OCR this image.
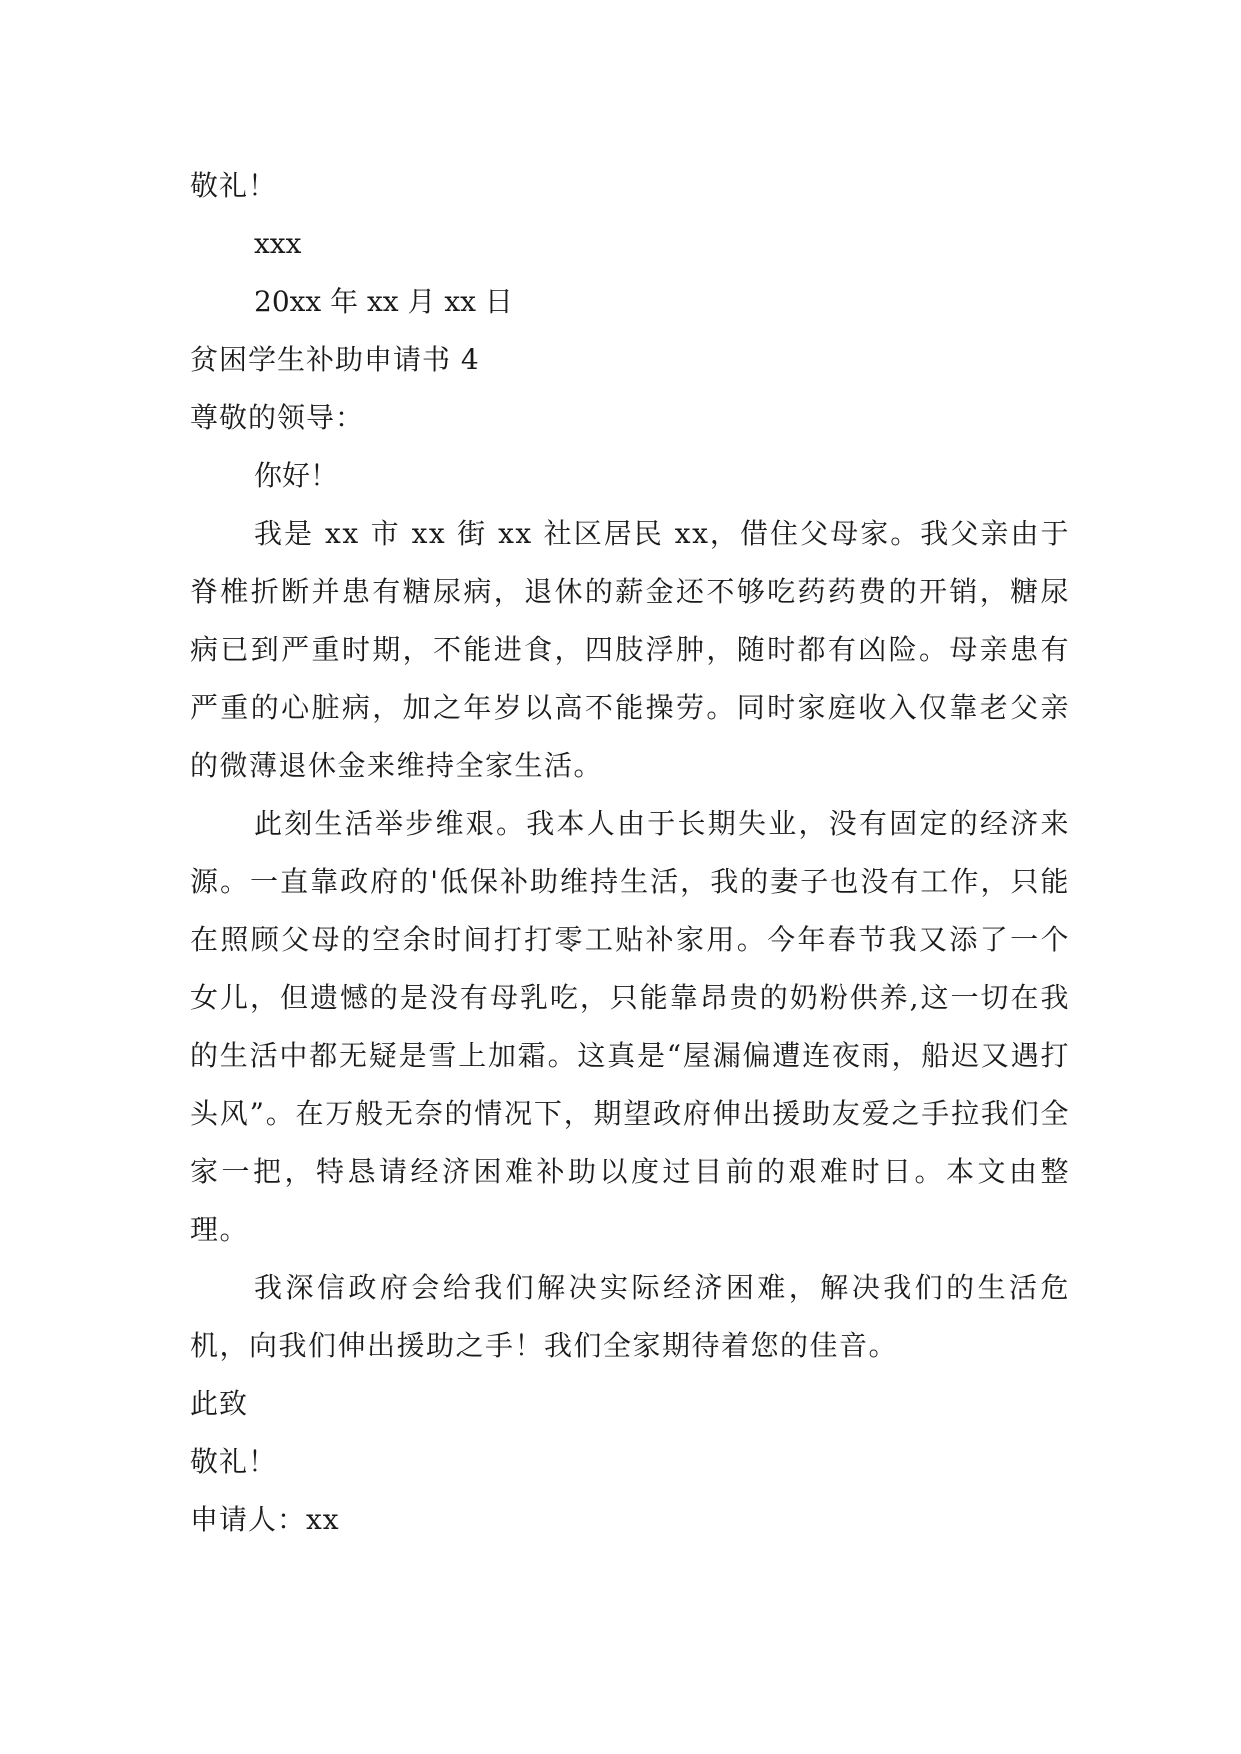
敬礼！
xxx
20xx 年 xx 月 xx 日
贫困学生补助申请书 4
尊敬的领导：
你好！

我是 xx 市 xx 街 xx 社区居民 xx，借住父母家。我父亲由于脊椎折断并患有糖尿病，退休的薪金还不够吃药药费的开销，糖尿病已到严重时期，不能进食，四肢浮肿，随时都有凶险。母亲患有严重的心脏病，加之年岁以高不能操劳。同时家庭收入仅靠老父亲的微薄退休金来维持全家生活。

此刻生活举步维艰。我本人由于长期失业，没有固定的经济来源。一直靠政府的'低保补助维持生活，我的妻子也没有工作，只能在照顾父母的空余时间打打零工贴补家用。今年春节我又添了一个女儿，但遗憾的是没有母乳吃，只能靠昂贵的奶粉供养,这一切在我的生活中都无疑是雪上加霜。这真是“屋漏偏遭连夜雨，船迟又遇打头风”。在万般无奈的情况下，期望政府伸出援助友爱之手拉我们全家一把，特恳请经济困难补助以度过目前的艰难时日。本文由整理。

我深信政府会给我们解决实际经济困难，解决我们的生活危机，向我们伸出援助之手！我们全家期待着您的佳音。

此致
敬礼！
申请人：xx
